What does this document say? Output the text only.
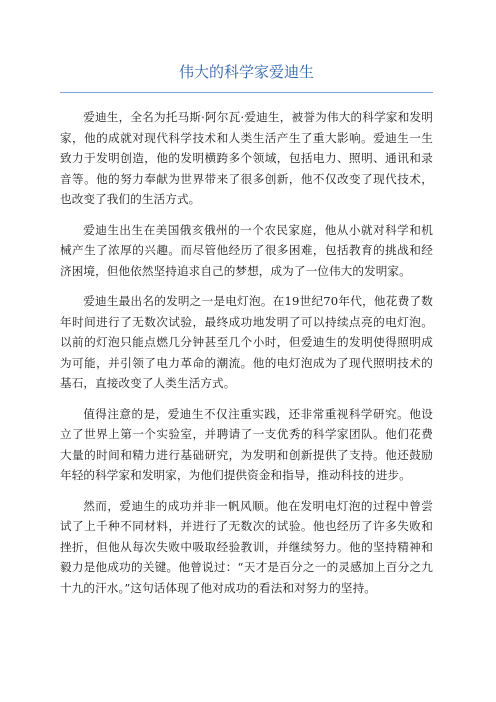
伟大的科学家爱迪生

爱迪生，全名为托马斯·阿尔瓦·爱迪生，被誉为伟大的科学家和发明家，他的成就对现代科学技术和人类生活产生了重大影响。爱迪生一生致力于发明创造，他的发明横跨多个领域，包括电力、照明、通讯和录音等。他的努力奉献为世界带来了很多创新，他不仅改变了现代技术，也改变了我们的生活方式。

爱迪生出生在美国俄亥俄州的一个农民家庭，他从小就对科学和机械产生了浓厚的兴趣。而尽管他经历了很多困难，包括教育的挑战和经济困境，但他依然坚持追求自己的梦想，成为了一位伟大的发明家。

爱迪生最出名的发明之一是电灯泡。在19世纪70年代，他花费了数年时间进行了无数次试验，最终成功地发明了可以持续点亮的电灯泡。以前的灯泡只能点燃几分钟甚至几个小时，但爱迪生的发明使得照明成为可能，并引领了电力革命的潮流。他的电灯泡成为了现代照明技术的基石，直接改变了人类生活方式。

值得注意的是，爱迪生不仅注重实践，还非常重视科学研究。他设立了世界上第一个实验室，并聘请了一支优秀的科学家团队。他们花费大量的时间和精力进行基础研究，为发明和创新提供了支持。他还鼓励年轻的科学家和发明家，为他们提供资金和指导，推动科技的进步。

然而，爱迪生的成功并非一帆风顺。他在发明电灯泡的过程中曾尝试了上千种不同材料，并进行了无数次的试验。他也经历了许多失败和挫折，但他从每次失败中吸取经验教训，并继续努力。他的坚持精神和毅力是他成功的关键。他曾说过：“天才是百分之一的灵感加上百分之九十九的汗水。”这句话体现了他对成功的看法和对努力的坚持。
